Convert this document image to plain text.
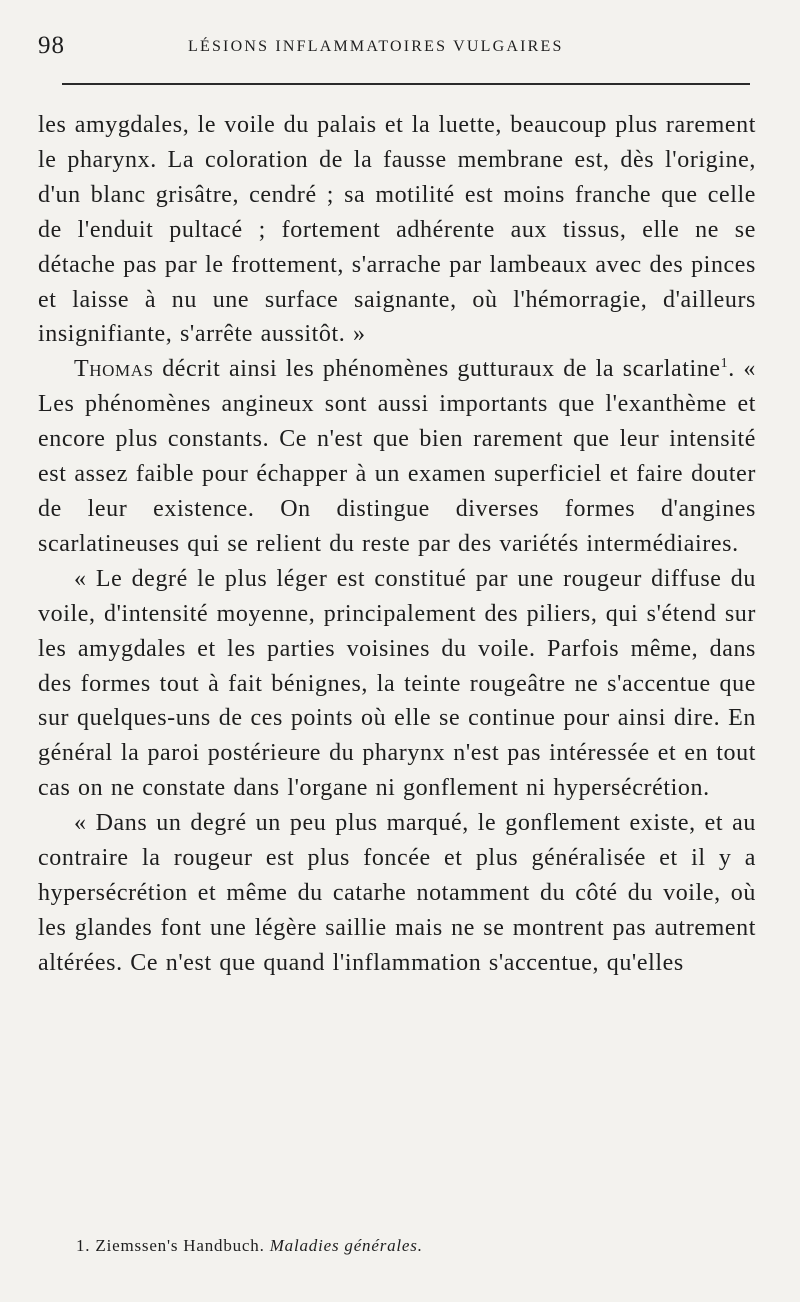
98	LÉSIONS INFLAMMATOIRES VULGAIRES

les amygdales, le voile du palais et la luette, beaucoup plus rarement le pharynx. La coloration de la fausse membrane est, dès l'origine, d'un blanc grisâtre, cendré ; sa motilité est moins franche que celle de l'enduit pultacé ; fortement adhérente aux tissus, elle ne se détache pas par le frottement, s'arrache par lambeaux avec des pinces et laisse à nu une surface saignante, où l'hémorragie, d'ailleurs insignifiante, s'arrête aussitôt. »

Thomas décrit ainsi les phénomènes gutturaux de la scarlatine$^1$. « Les phénomènes angineux sont aussi importants que l'exanthème et encore plus constants. Ce n'est que bien rarement que leur intensité est assez faible pour échapper à un examen superficiel et faire douter de leur existence. On distingue diverses formes d'angines scarlatineuses qui se relient du reste par des variétés intermédiaires.

« Le degré le plus léger est constitué par une rougeur diffuse du voile, d'intensité moyenne, principalement des piliers, qui s'étend sur les amygdales et les parties voisines du voile. Parfois même, dans des formes tout à fait bénignes, la teinte rougeâtre ne s'accentue que sur quelques-uns de ces points où elle se continue pour ainsi dire. En général la paroi postérieure du pharynx n'est pas intéressée et en tout cas on ne constate dans l'organe ni gonflement ni hypersécrétion.

« Dans un degré un peu plus marqué, le gonflement existe, et au contraire la rougeur est plus foncée et plus généralisée et il y a hypersécrétion et même du catarhe notamment du côté du voile, où les glandes font une légère saillie mais ne se montrent pas autrement altérées. Ce n'est que quand l'inflammation s'accentue, qu'elles

1. Ziemssen's Handbuch. Maladies générales.
